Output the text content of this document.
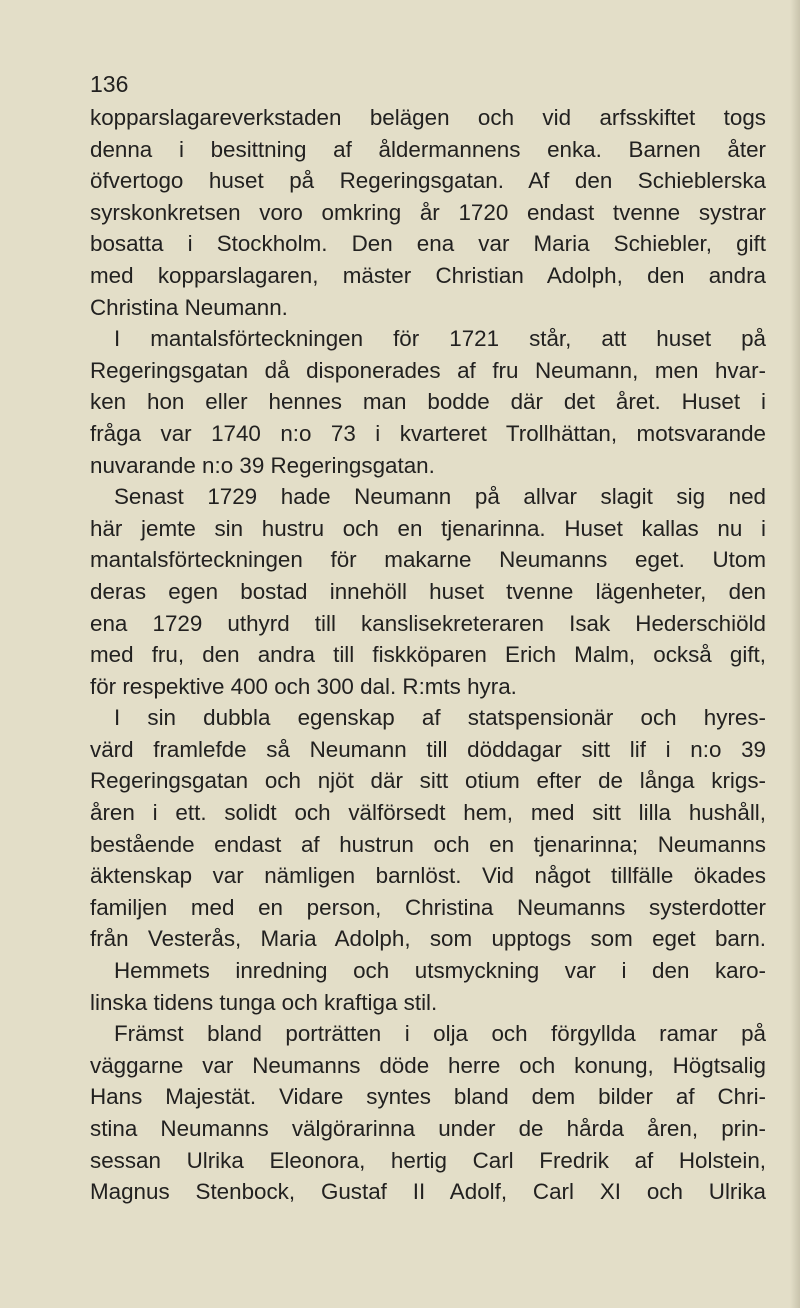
136
kopparslagareverkstaden belägen och vid arfsskiftet togs
denna i besittning af åldermannens enka. Barnen åter
öfvertogo huset på Regeringsgatan. Af den Schieblerska
syrskonkretsen voro omkring år 1720 endast tvenne systrar
bosatta i Stockholm. Den ena var Maria Schiebler, gift
med kopparslagaren, mäster Christian Adolph, den andra
Christina Neumann.
I mantalsförteckningen för 1721 står, att huset på
Regeringsgatan då disponerades af fru Neumann, men hvar-
ken hon eller hennes man bodde där det året. Huset i
fråga var 1740 n:o 73 i kvarteret Trollhättan, motsvarande
nuvarande n:o 39 Regeringsgatan.
Senast 1729 hade Neumann på allvar slagit sig ned
här jemte sin hustru och en tjenarinna. Huset kallas nu i
mantalsförteckningen för makarne Neumanns eget. Utom
deras egen bostad innehöll huset tvenne lägenheter, den
ena 1729 uthyrd till kanslisekreteraren Isak Hederschiöld
med fru, den andra till fiskköparen Erich Malm, också gift,
för respektive 400 och 300 dal. R:mts hyra.
I sin dubbla egenskap af statspensionär och hyres-
värd framlefde så Neumann till döddagar sitt lif i n:o 39
Regeringsgatan och njöt där sitt otium efter de långa krigs-
åren i ett. solidt och välförsedt hem, med sitt lilla hushåll,
bestående endast af hustrun och en tjenarinna; Neumanns
äktenskap var nämligen barnlöst. Vid något tillfälle ökades
familjen med en person, Christina Neumanns systerdotter
från Vesterås, Maria Adolph, som upptogs som eget barn.
Hemmets inredning och utsmyckning var i den karo-
linska tidens tunga och kraftiga stil.
Främst bland porträtten i olja och förgyllda ramar på
väggarne var Neumanns döde herre och konung, Högtsalig
Hans Majestät. Vidare syntes bland dem bilder af Chri-
stina Neumanns välgörarinna under de hårda åren, prin-
sessan Ulrika Eleonora, hertig Carl Fredrik af Holstein,
Magnus Stenbock, Gustaf II Adolf, Carl XI och Ulrika
